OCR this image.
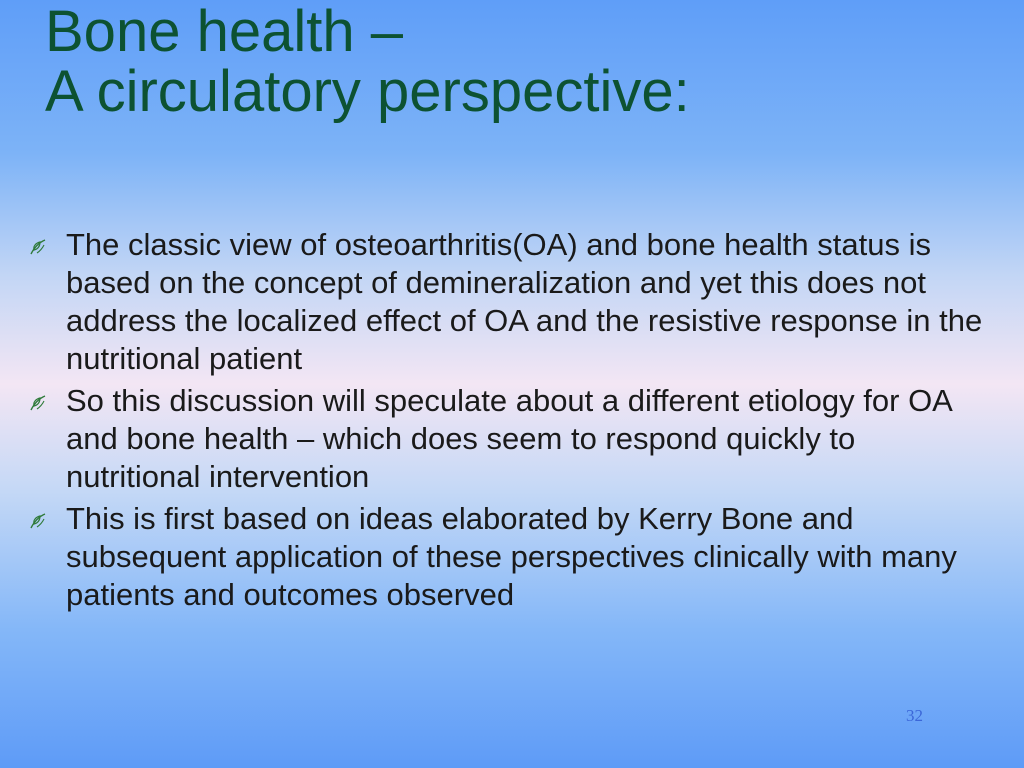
Bone health –
A circulatory perspective:
The classic view of osteoarthritis(OA) and bone health status is based on the concept of demineralization and yet this does not address the localized effect of OA and the resistive response in the nutritional patient
So this discussion will speculate about a different etiology for OA and bone health – which does seem to respond quickly to nutritional intervention
This is first based on ideas elaborated by Kerry Bone and subsequent application of these perspectives clinically with many patients and outcomes observed
32
